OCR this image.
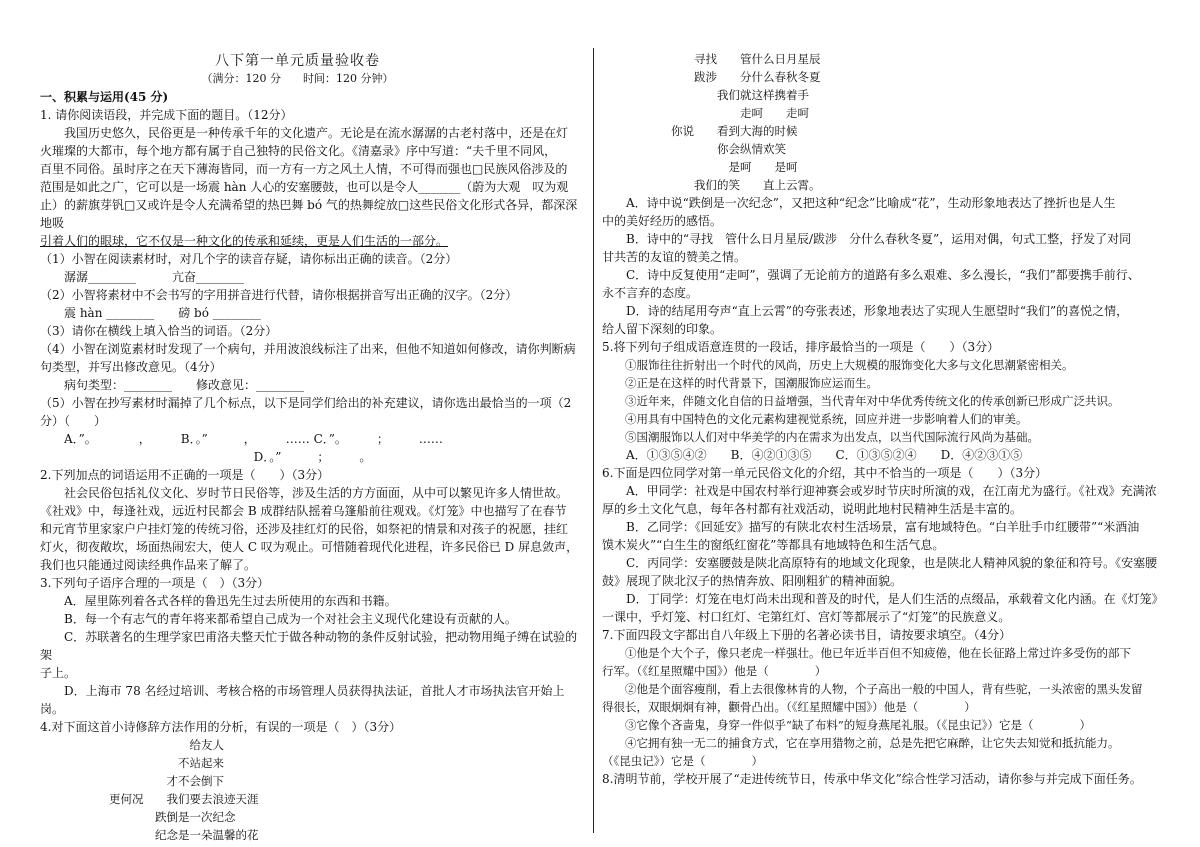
八下第一单元质量验收卷
（满分：120 分　　时间：120 分钟）

一、积累与运用(45 分)

1. 请你阅读语段，并完成下面的题目。（12分）

我国历史悠久，民俗更是一种传承千年的文化遗产。无论是在流水潺潺的古老村落中，还是在灯

火璀璨的大都市，每个地方都有属于自己独特的民俗文化。《清嘉录》序中写道：“夫千里不同风，

百里不同俗。虽时序之在天下薄海皆同，而一方有一方之风土人情，不可得而强也□民族风俗涉及的

范围是如此之广，它可以是一场震 hàn 人心的安塞腰鼓，也可以是令人_______（蔚为大观　叹为观

止）的薪旗芽钒□又或许是令人充满希望的热巴舞 bó 气的热舞绽放□这些民俗文化形式各异，都深深地吸

引着人们的眼球，它不仅是一种文化的传承和延续，更是人们生活的一部分。

（1）小智在阅读素材时，对几个字的读音存疑，请你标出正确的读音。（2分）

潺潺________　　　亢奋________

（2）小智将素材中不会书写的字用拼音进行代替，请你根据拼音写出正确的汉字。（2分）

震 hàn ________　　磅 bó ________

（3）请你在横线上填入恰当的词语。（2分）

（4）小智在浏览素材时发现了一个病句，并用波浪线标注了出来，但他不知道如何修改，请你判断病

句类型，并写出修改意见。（4分）

病句类型：________　　修改意见：________

（5）小智在抄写素材时漏掉了几个标点，以下是同学们给出的补充建议，请你选出最恰当的一项（2

分）（　　）

A．”。　　　　，　　　B．。”　　　，　　　…… C．”。　　　；　　　……

D．。”　　　；　　　。

2.下列加点的词语运用不正确的一项是（　　）（3分）

社会民俗包括礼仪文化、岁时节日民俗等，涉及生活的方方面面，从中可以繁见许多人情世故。

《社戏》中，每逢社戏，远近村民都会 B 成群结队摇着乌篷船前往观戏。《灯笼》中也描写了在春节

和元宵节里家家户户挂灯笼的传统习俗，还涉及挂红灯的民俗，如祭祀的情景和对孩子的祝愿，挂红

灯火，彻夜敞坎，场面热闹宏大，使人 C 叹为观止。可惜随着现代化进程，许多民俗已 D 屏息敛声，

我们也只能通过阅读经典作品来了解了。

3.下列句子语序合理的一项是（　）（3分）

A．屋里陈列着各式各样的鲁迅先生过去所使用的东西和书籍。

B．每一个有志气的青年将来都希望自己成为一个对社会主义现代化建设有贡献的人。

C．苏联著名的生理学家巴甫洛夫整天忙于做各种动物的条件反射试验，把动物用绳子缚在试验的架

子上。

D．上海市 78 名经过培训、考核合格的市场管理人员获得执法证，首批人才市场执法官开始上岗。

4.对下面这首小诗修辞方法作用的分析，有误的一项是（　）（3分）

　　　　　　　　　　　　　给友人

　　　　　　　　　　　　不站起来

　　　　　　　　　　　才不会倒下

　　　　　　更何况　　我们要去浪迹天涯

　　　　　　　　　　跌倒是一次纪念

　　　　　　　　　　纪念是一朵温馨的花

　　　　　　　　寻找　　管什么日月星辰

　　　　　　　　跋涉　　分什么春秋冬夏

　　　　　　　　　　我们就这样携着手

　　　　　　　　　　　　走呵　　走呵

　　　　　　你说　　看到大海的时候

　　　　　　　　　　你会纵情欢笑

　　　　　　　　　　　是呵　　是呵

　　　　　　　　我们的笑　　直上云霄。

A．诗中说“跌倒是一次纪念”，又把这种“纪念”比喻成“花”，生动形象地表达了挫折也是人生

中的美好经历的感悟。

B．诗中的“寻找　管什么日月星辰/跋涉　分什么春秋冬夏”，运用对偶，句式工整，抒发了对同

甘共苦的友谊的赞美之情。

C．诗中反复使用“走呵”，强调了无论前方的道路有多么艰难、多么漫长，“我们”都要携手前行、

永不言弃的态度。

D．诗的结尾用夸声“直上云霄”的夸张表述，形象地表达了实现人生愿望时“我们”的喜悦之情，

给人留下深刻的印象。

5.将下列句子组成语意连贯的一段话，排序最恰当的一项是（　　）（3分）

①服饰往往折射出一个时代的风尚，历史上大规模的服饰变化大多与文化思潮紧密相关。

②正是在这样的时代背景下，国潮服饰应运而生。

③近年来，伴随文化自信的日益增强，当代青年对中华优秀传统文化的传承创新已形成广泛共识。

④用具有中国特色的文化元素构建视觉系统，回应并进一步影响着人们的审美。

⑤国潮服饰以人们对中华美学的内在需求为出发点，以当代国际流行风尚为基础。

A．①③⑤④②　　B．④②①③⑤　　C．①③⑤②④　　D．④②③①⑤

6.下面是四位同学对第一单元民俗文化的介绍，其中不恰当的一项是（　　）（3分）

A．甲同学：社戏是中国农村举行迎神赛会或岁时节庆时所演的戏，在江南尤为盛行。《社戏》充满浓

厚的乡土文化气息，每年各村都有社戏活动，说明此地村民精神生活是丰富的。

B．乙同学：《回延安》描写的有陕北农村生活场景，富有地域特色。“白羊肚手巾红腰带”“米酒油

馍木炭火”“白生生的窗纸红窗花”等都具有地域特色和生活气息。

C．丙同学：安塞腰鼓是陕北高原特有的地域文化现象，也是陕北人精神风貌的象征和符号。《安塞腰

鼓》展现了陕北汉子的热情奔放、阳刚粗犷的精神面貌。

D．丁同学：灯笼在电灯尚未出现和普及的时代，是人们生活的点缀品，承载着文化内涵。在《灯笼》

一课中，乎灯笼、村口红灯、宅第红灯、宫灯等都展示了“灯笼”的民族意义。

7.下面四段文字都出自八年级上下册的名著必读书目，请按要求填空。（4分）

①他是个大个子，像只老虎一样强壮。他已年近半百但不知疲倦，他在长征路上常过许多受伤的部下

行军。（《红星照耀中国》）他是（　　　　）

②他是个面容瘦削，看上去很像林肯的人物，个子高出一般的中国人，背有些驼，一头浓密的黑头发留

得很长，双眼炯炯有神，颧骨凸出。（《红星照耀中国》）他是（　　　　）

③它像个吝啬鬼，身穿一件似乎“缺了布料”的短身燕尾礼服。（《昆虫记》）它是（　　　　）

④它拥有独一无二的捕食方式，它在享用猎物之前，总是先把它麻醉，让它失去知觉和抵抗能力。

（《昆虫记》）它是（　　　　）

8.清明节前，学校开展了“走进传统节日，传承中华文化”综合性学习活动，请你参与并完成下面任务。
